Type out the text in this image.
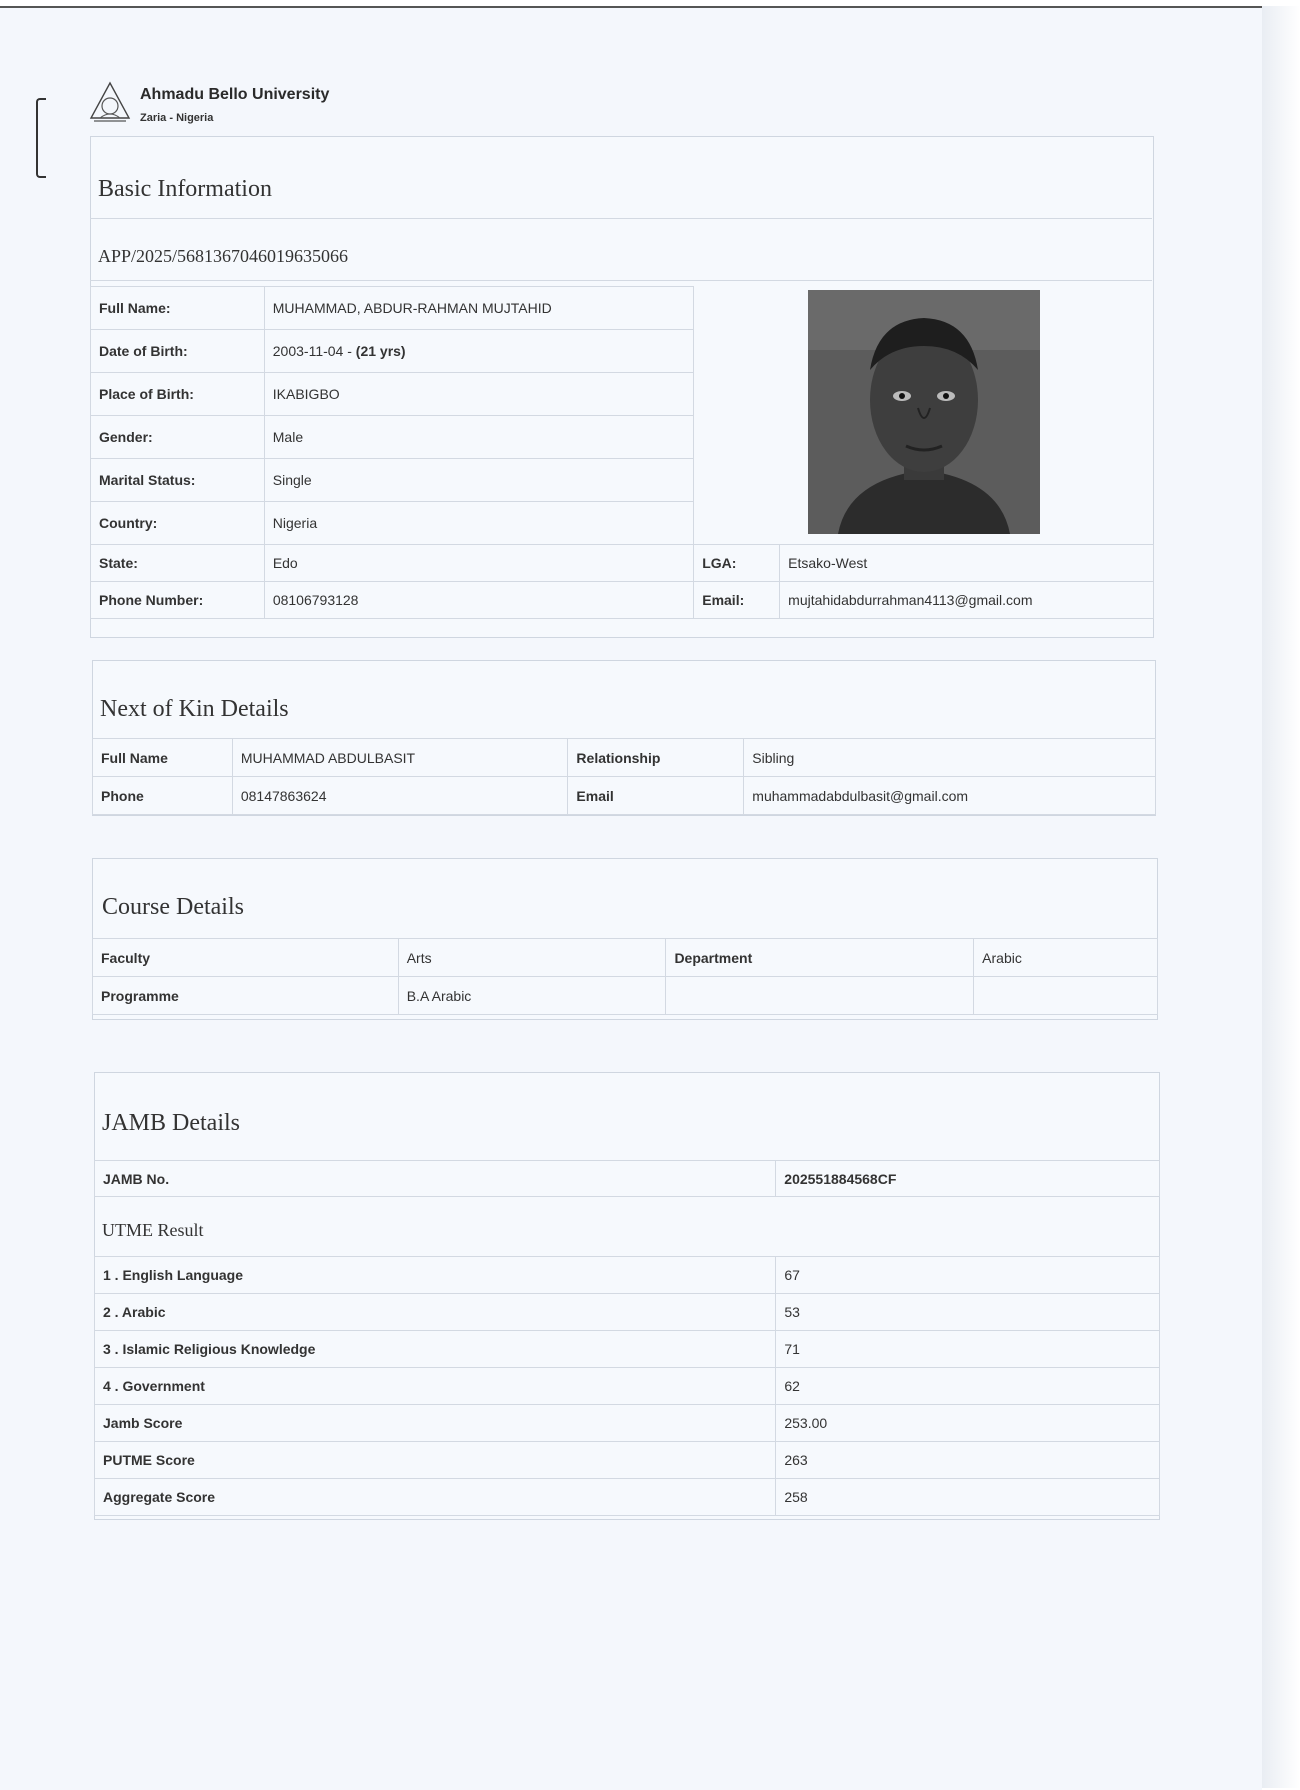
Ahmadu Bello University
Zaria - Nigeria
Basic Information
APP/2025/5681367046019635066
Full Name:	MUHAMMAD, ABDUR-RAHMAN MUJTAHID
Date of Birth:	2003-11-04 - (21 yrs)
Place of Birth:	IKABIGBO
Gender:	Male
Marital Status:	Single
Country:	Nigeria
State:	Edo	LGA:	Etsako-West
Phone Number:	08106793128	Email:	mujtahidabdurrahman4113@gmail.com
Next of Kin Details
Full Name	MUHAMMAD ABDULBASIT	Relationship	Sibling
Phone	08147863624	Email	muhammadabdulbasit@gmail.com
Course Details
Faculty	Arts	Department	Arabic
Programme	B.A Arabic		
JAMB Details
JAMB No.	202551884568CF
UTME Result
1 . English Language	67
2 . Arabic	53
3 . Islamic Religious Knowledge	71
4 . Government	62
Jamb Score	253.00
PUTME Score	263
Aggregate Score	258
